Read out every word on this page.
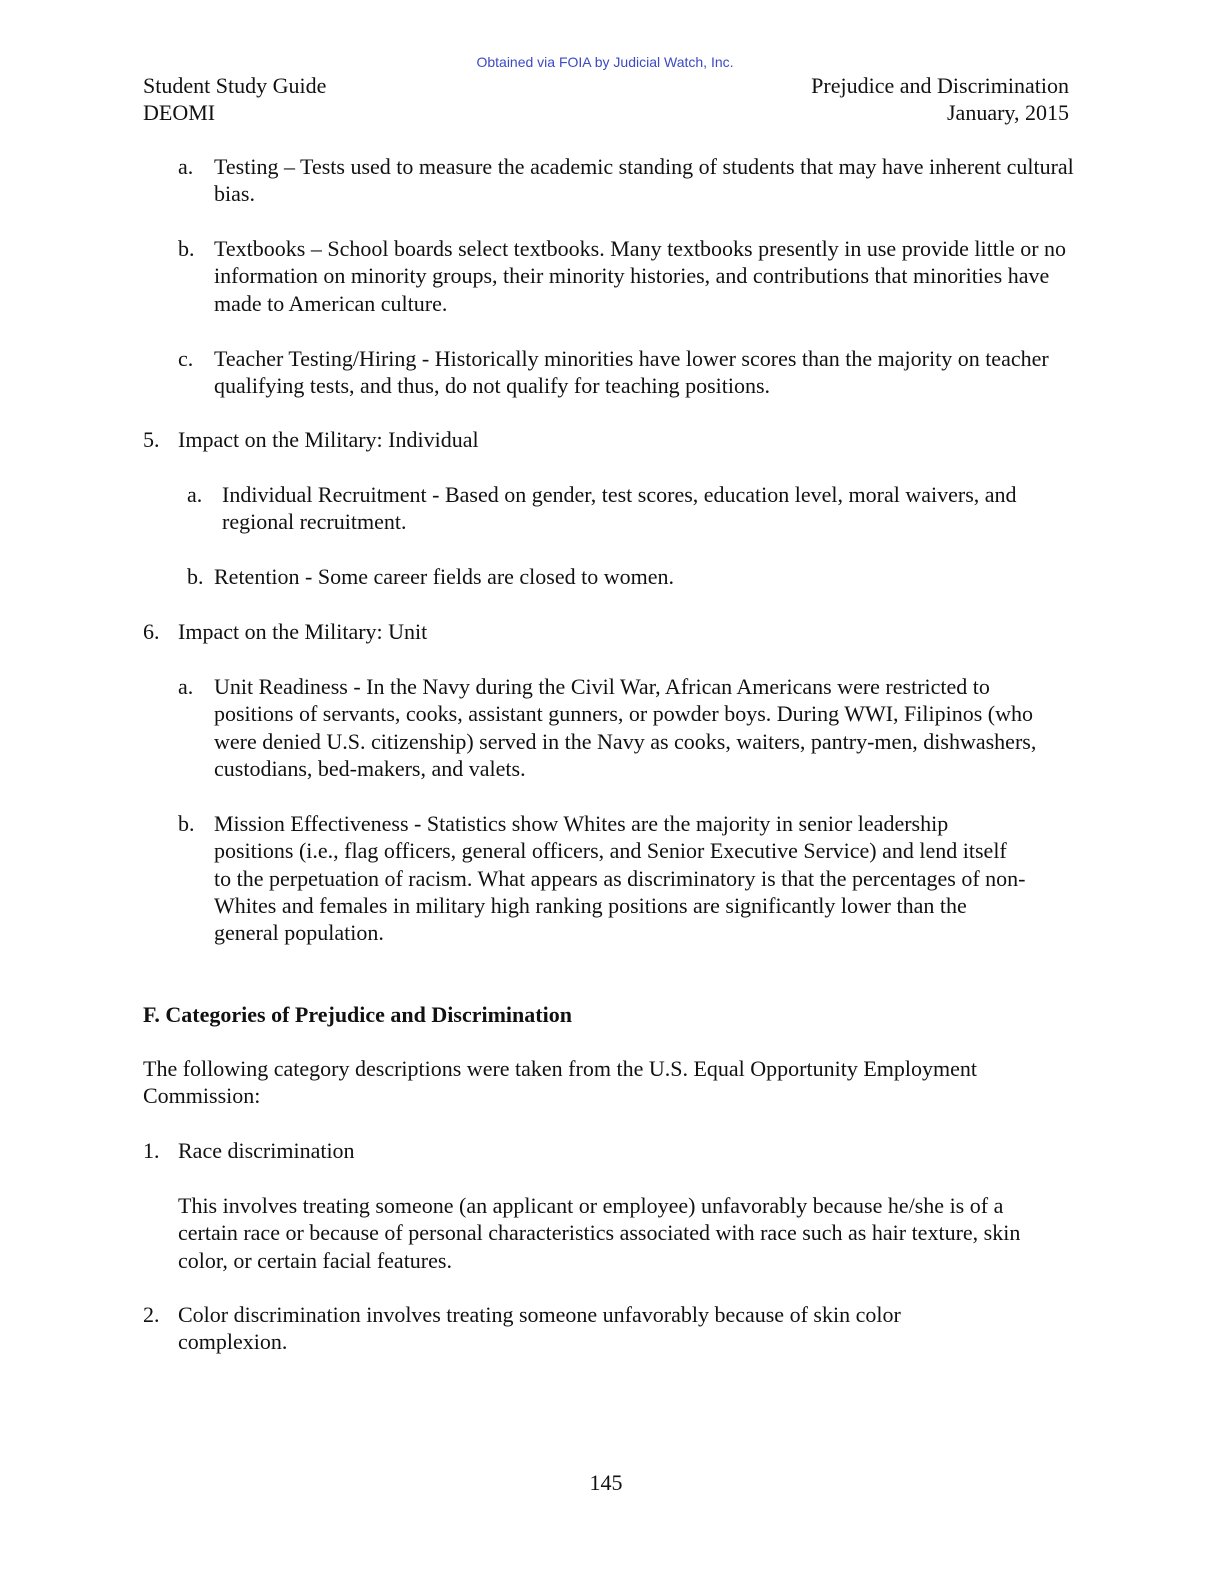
Obtained via FOIA by Judicial Watch, Inc.
Student Study Guide
DEOMI
Prejudice and Discrimination
January, 2015
a. Testing – Tests used to measure the academic standing of students that may have inherent cultural bias.

b. Textbooks – School boards select textbooks. Many textbooks presently in use provide little or no information on minority groups, their minority histories, and contributions that minorities have made to American culture.

c. Teacher Testing/Hiring - Historically minorities have lower scores than the majority on teacher qualifying tests, and thus, do not qualify for teaching positions.

5. Impact on the Military: Individual

a. Individual Recruitment - Based on gender, test scores, education level, moral waivers, and regional recruitment.

b. Retention - Some career fields are closed to women.

6. Impact on the Military: Unit

a. Unit Readiness - In the Navy during the Civil War, African Americans were restricted to positions of servants, cooks, assistant gunners, or powder boys. During WWI, Filipinos (who were denied U.S. citizenship) served in the Navy as cooks, waiters, pantry-men, dishwashers, custodians, bed-makers, and valets.

b. Mission Effectiveness - Statistics show Whites are the majority in senior leadership positions (i.e., flag officers, general officers, and Senior Executive Service) and lend itself to the perpetuation of racism. What appears as discriminatory is that the percentages of non-Whites and females in military high ranking positions are significantly lower than the general population.

F. Categories of Prejudice and Discrimination

The following category descriptions were taken from the U.S. Equal Opportunity Employment Commission:

1. Race discrimination

This involves treating someone (an applicant or employee) unfavorably because he/she is of a certain race or because of personal characteristics associated with race such as hair texture, skin color, or certain facial features.

2. Color discrimination involves treating someone unfavorably because of skin color complexion.

145
